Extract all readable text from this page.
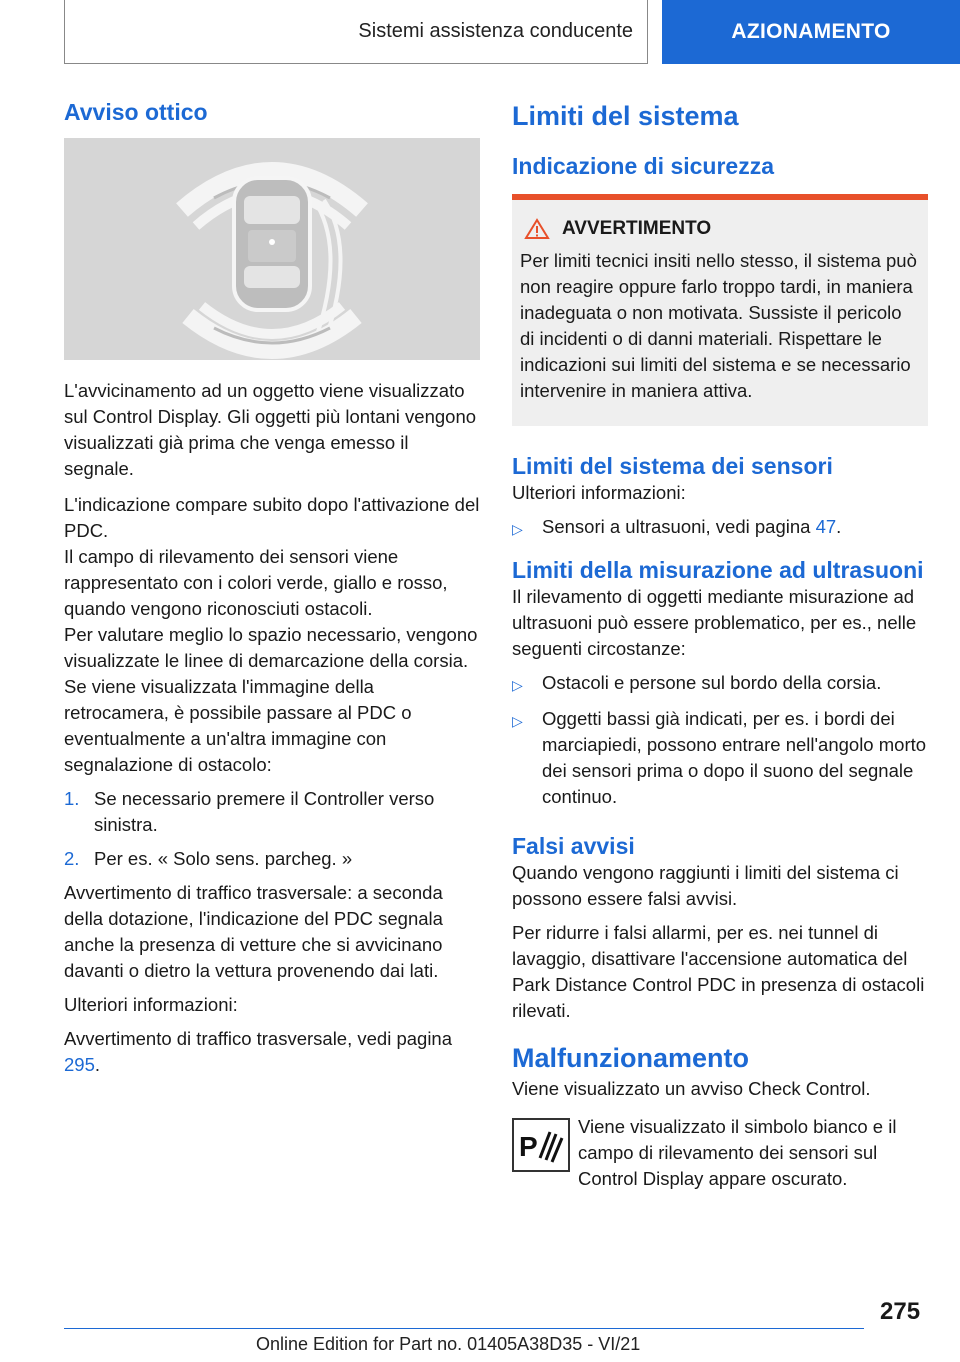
Sistemi assistenza conducente	AZIONAMENTO
Avviso ottico

L'avvicinamento ad un oggetto viene visualizzato sul Control Display. Gli oggetti più lontani vengono visualizzati già prima che venga emesso il segnale.

L'indicazione compare subito dopo l'attivazione del PDC.

Il campo di rilevamento dei sensori viene rappresentato con i colori verde, giallo e rosso, quando vengono riconosciuti ostacoli.

Per valutare meglio lo spazio necessario, vengono visualizzate le linee di demarcazione della corsia.

Se viene visualizzata l'immagine della retrocamera, è possibile passare al PDC o eventualmente a un'altra immagine con segnalazione di ostacolo:

1. Se necessario premere il Controller verso sinistra.
2. Per es. « Solo sens. parcheg. »

Avvertimento di traffico trasversale: a seconda della dotazione, l'indicazione del PDC segnala anche la presenza di vetture che si avvicinano davanti o dietro la vettura provenendo dai lati.

Ulteriori informazioni:

Avvertimento di traffico trasversale, vedi pagina 295.

Limiti del sistema
Indicazione di sicurezza
AVVERTIMENTO

Per limiti tecnici insiti nello stesso, il sistema può non reagire oppure farlo troppo tardi, in maniera inadeguata o non motivata. Sussiste il pericolo di incidenti o di danni materiali. Rispettare le indicazioni sui limiti del sistema e se necessario intervenire in maniera attiva.

Limiti del sistema dei sensori

Ulteriori informazioni:

▷	Sensori a ultrasuoni, vedi pagina 47.
Limiti della misurazione ad ultrasuoni

Il rilevamento di oggetti mediante misurazione ad ultrasuoni può essere problematico, per es., nelle seguenti circostanze:

▷	Ostacoli e persone sul bordo della corsia.
▷	Oggetti bassi già indicati, per es. i bordi dei marciapiedi, possono entrare nell'angolo morto dei sensori prima o dopo il suono del segnale continuo.
Falsi avvisi

Quando vengono raggiunti i limiti del sistema ci possono essere falsi avvisi.

Per ridurre i falsi allarmi, per es. nei tunnel di lavaggio, disattivare l'accensione automatica del Park Distance Control PDC in presenza di ostacoli rilevati.

Malfunzionamento

Viene visualizzato un avviso Check Control.

P

Viene visualizzato il simbolo bianco e il campo di rilevamento dei sensori sul Control Display appare oscurato.

275
Online Edition for Part no. 01405A38D35 - VI/21
